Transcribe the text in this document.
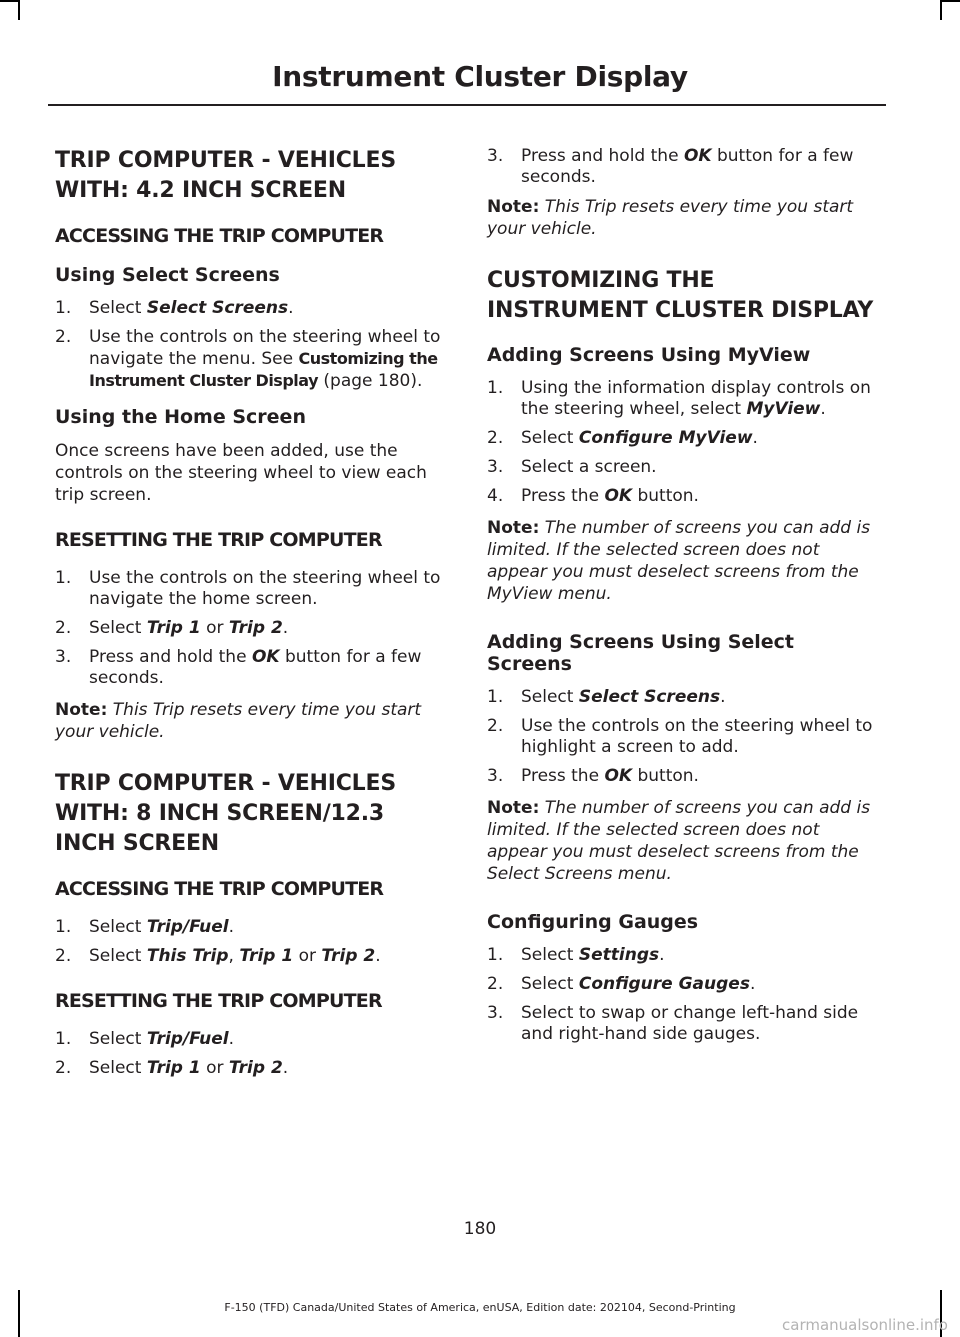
Instrument Cluster Display
TRIP COMPUTER - VEHICLES WITH: 4.2 INCH SCREEN
ACCESSING THE TRIP COMPUTER
Using Select Screens
1. Select Select Screens.
2. Use the controls on the steering wheel to navigate the menu. See Customizing the Instrument Cluster Display (page 180).
Using the Home Screen

Once screens have been added, use the controls on the steering wheel to view each trip screen.

RESETTING THE TRIP COMPUTER
1. Use the controls on the steering wheel to navigate the home screen.
2. Select Trip 1 or Trip 2.
3. Press and hold the OK button for a few seconds.

Note: This Trip resets every time you start your vehicle.

TRIP COMPUTER - VEHICLES WITH: 8 INCH SCREEN/12.3 INCH SCREEN
ACCESSING THE TRIP COMPUTER
1. Select Trip/Fuel.
2. Select This Trip, Trip 1 or Trip 2.
RESETTING THE TRIP COMPUTER
1. Select Trip/Fuel.
2. Select Trip 1 or Trip 2.
3. Press and hold the OK button for a few seconds.

Note: This Trip resets every time you start your vehicle.

CUSTOMIZING THE INSTRUMENT CLUSTER DISPLAY
Adding Screens Using MyView
1. Using the information display controls on the steering wheel, select MyView.
2. Select Configure MyView.
3. Select a screen.
4. Press the OK button.

Note: The number of screens you can add is limited. If the selected screen does not appear you must deselect screens from the MyView menu.

Adding Screens Using Select Screens
1. Select Select Screens.
2. Use the controls on the steering wheel to highlight a screen to add.
3. Press the OK button.

Note: The number of screens you can add is limited. If the selected screen does not appear you must deselect screens from the Select Screens menu.

Configuring Gauges
1. Select Settings.
2. Select Configure Gauges.
3. Select to swap or change left-hand side and right-hand side gauges.
180
F-150 (TFD) Canada/United States of America, enUSA, Edition date: 202104, Second-Printing
carmanualsonline.info
